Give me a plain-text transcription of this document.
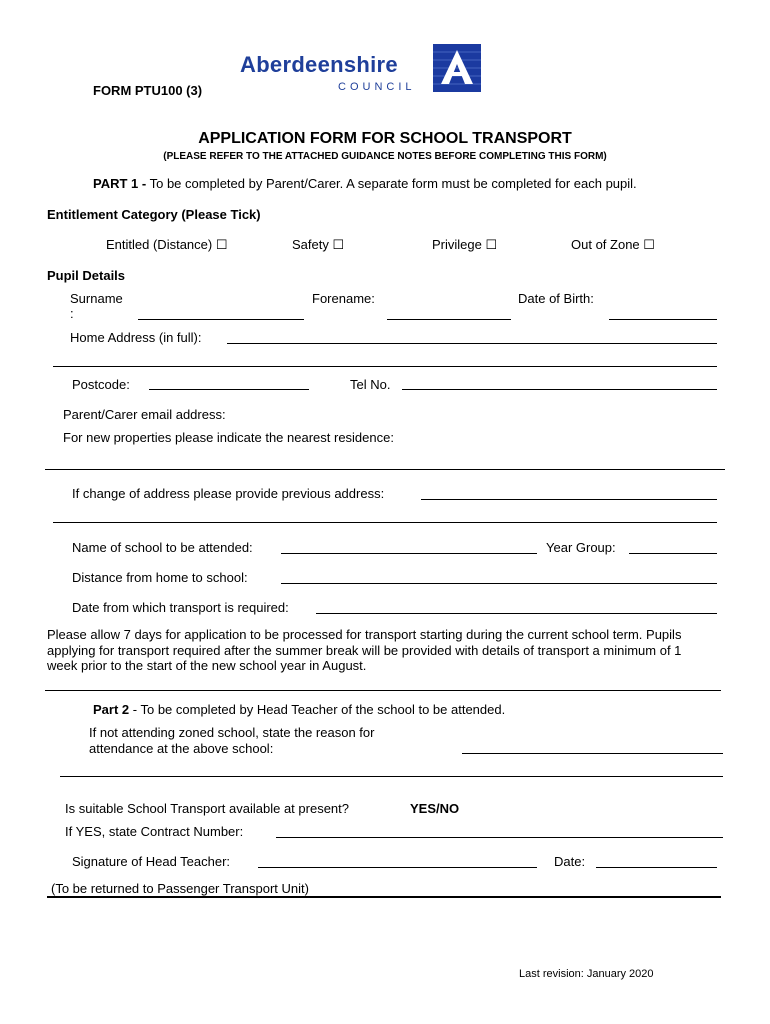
FORM PTU100 (3)
Aberdeenshire
COUNCIL
APPLICATION FORM FOR SCHOOL TRANSPORT
(PLEASE REFER TO THE ATTACHED GUIDANCE NOTES BEFORE COMPLETING THIS FORM)
PART 1 - To be completed by Parent/Carer. A separate form must be completed for each pupil.
Entitlement Category (Please Tick)
Entitled (Distance) ☐	Safety ☐	Privilege ☐	Out of Zone ☐
Pupil Details
Surname
:
Forename:	Date of Birth:
Home Address (in full):
Postcode:	Tel No.
Parent/Carer email address:
For new properties please indicate the nearest residence:
If change of address please provide previous address:
Name of school to be attended:	Year Group:
Distance from home to school:
Date from which transport is required:
Please allow 7 days for application to be processed for transport starting during the current school term. Pupils applying for transport required after the summer break will be provided with details of transport a minimum of 1 week prior to the start of the new school year in August.
Part 2 - To be completed by Head Teacher of the school to be attended.
If not attending zoned school, state the reason for
attendance at the above school:
Is suitable School Transport available at present?	YES/NO
If YES, state Contract Number:
Signature of Head Teacher:	Date:
(To be returned to Passenger Transport Unit)
Last revision: January 2020
